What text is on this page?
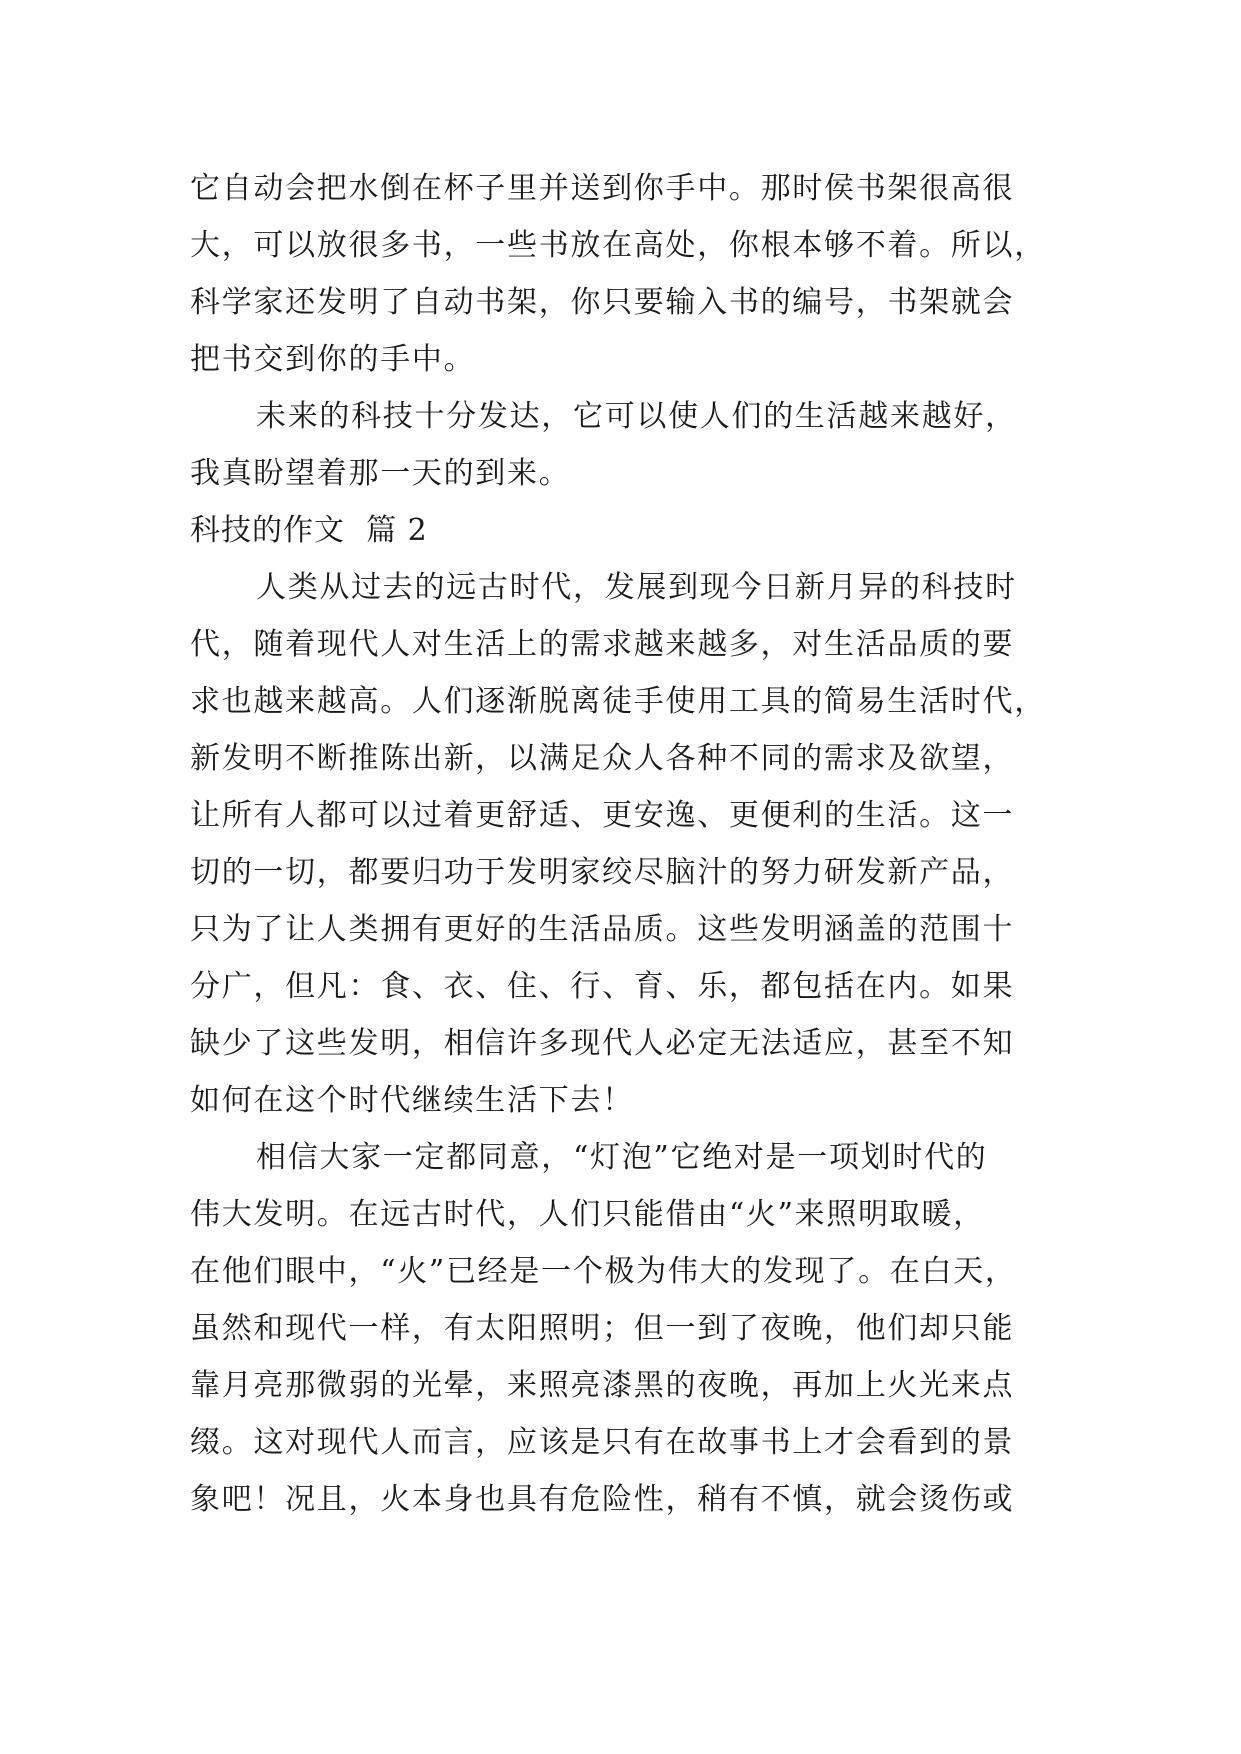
它自动会把水倒在杯子里并送到你手中。那时侯书架很高很
大，可以放很多书，一些书放在高处，你根本够不着。所以，
科学家还发明了自动书架，你只要输入书的编号，书架就会
把书交到你的手中。
未来的科技十分发达，它可以使人们的生活越来越好，
我真盼望着那一天的到来。
科技的作文  篇 2
人类从过去的远古时代，发展到现今日新月异的科技时
代，随着现代人对生活上的需求越来越多，对生活品质的要
求也越来越高。人们逐渐脱离徒手使用工具的简易生活时代，
新发明不断推陈出新，以满足众人各种不同的需求及欲望，
让所有人都可以过着更舒适、更安逸、更便利的生活。这一
切的一切，都要归功于发明家绞尽脑汁的努力研发新产品，
只为了让人类拥有更好的生活品质。这些发明涵盖的范围十
分广，但凡：食、衣、住、行、育、乐，都包括在内。如果
缺少了这些发明，相信许多现代人必定无法适应，甚至不知
如何在这个时代继续生活下去！
相信大家一定都同意，“灯泡”它绝对是一项划时代的
伟大发明。在远古时代，人们只能借由“火”来照明取暖，
在他们眼中，“火”已经是一个极为伟大的发现了。在白天，
虽然和现代一样，有太阳照明；但一到了夜晚，他们却只能
靠月亮那微弱的光晕，来照亮漆黑的夜晚，再加上火光来点
缀。这对现代人而言，应该是只有在故事书上才会看到的景
象吧！况且，火本身也具有危险性，稍有不慎，就会烫伤或
